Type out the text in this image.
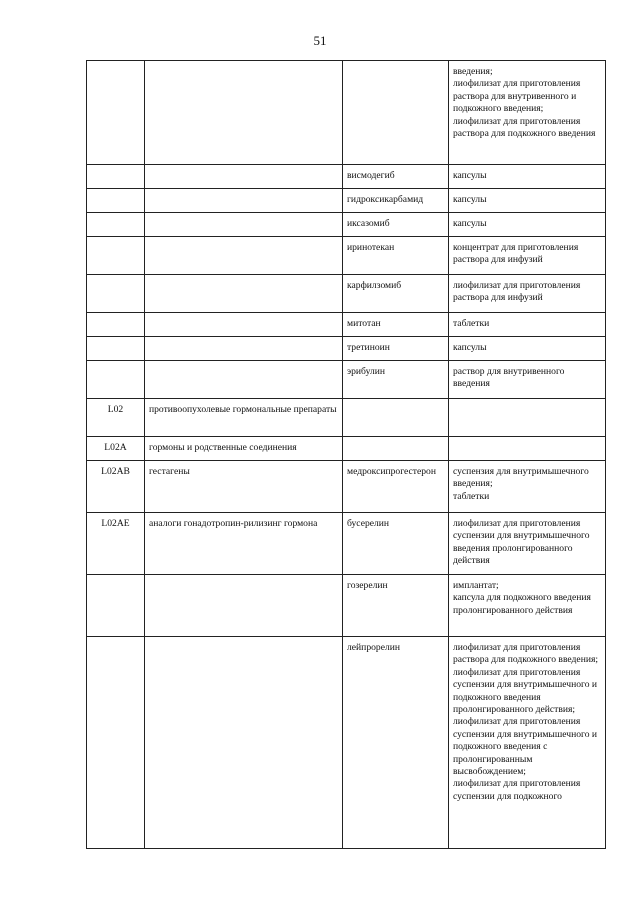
51

			введения;
лиофилизат для приготовления раствора для внутривенного и подкожного введения;
лиофилизат для приготовления раствора для подкожного введения

		висмодегиб	капсулы

		гидроксикарбамид	капсулы

		иксазомиб	капсулы

		иринотекан	концентрат для приготовления раствора для инфузий

		карфилзомиб	лиофилизат для приготовления раствора для инфузий

		митотан	таблетки

		третиноин	капсулы

		эрибулин	раствор для внутривенного введения

L02	противоопухолевые гормональные препараты		
L02A	гормоны и родственные соединения		
L02AB	гестагены	медроксипрогестерон	суспензия для внутримышечного введения;
таблетки

L02AE	аналоги гонадотропин-рилизинг гормона	бусерелин	лиофилизат для приготовления суспензии для внутримышечного введения пролонгированного действия

		гозерелин	имплантат;
капсула для подкожного введения пролонгированного действия

		лейпрорелин	лиофилизат для приготовления раствора для подкожного введения;
лиофилизат для приготовления суспензии для внутримышечного и подкожного введения пролонгированного действия;
лиофилизат для приготовления суспензии для внутримышечного и подкожного введения с пролонгированным высвобождением;
лиофилизат для приготовления суспензии для подкожного
